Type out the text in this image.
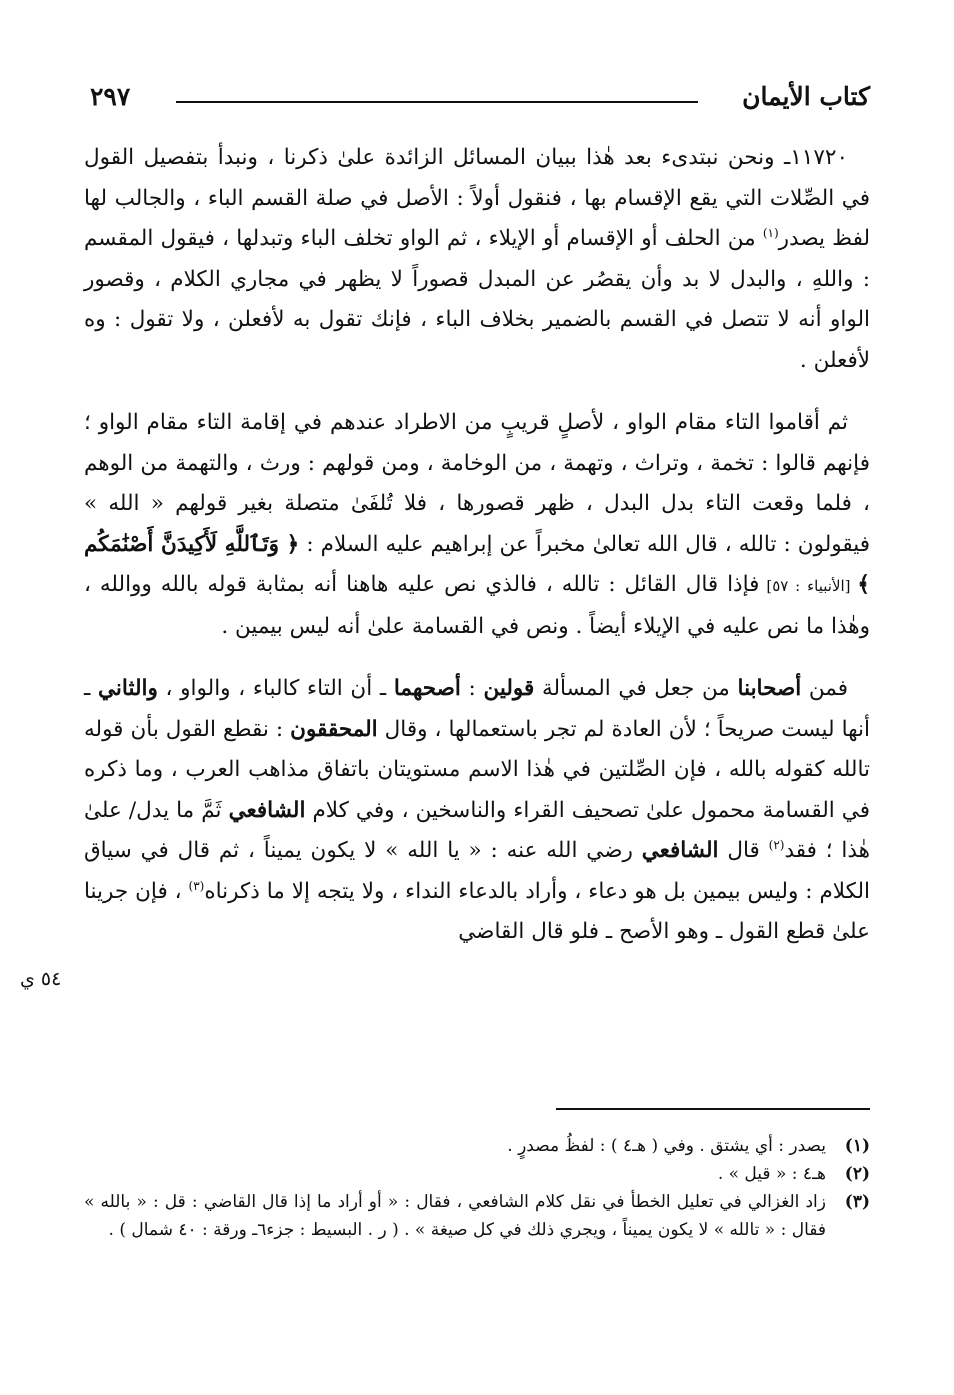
كتاب الأيمان
٢٩٧

١١٧٢٠ـ ونحن نبتدىء بعد هٰذا ببيان المسائل الزائدة علىٰ ذكرنا ، ونبدأ بتفصيل القول في الصِّلات التي يقع الإقسام بها ، فنقول أولاً : الأصل في صلة القسم الباء ، والجالب لها لفظ يصدر$^{(١)}$ من الحلف أو الإقسام أو الإيلاء ، ثم الواو تخلف الباء وتبدلها ، فيقول المقسم : واللهِ ، والبدل لا بد وأن يقصُر عن المبدل قصوراً لا يظهر في مجاري الكلام ، وقصور الواو أنه لا تتصل في القسم بالضمير بخلاف الباء ، فإنك تقول به لأفعلن ، ولا تقول : وه لأفعلن .

ثم أقاموا التاء مقام الواو ، لأصلٍ قريبٍ من الاطراد عندهم في إقامة التاء مقام الواو ؛ فإنهم قالوا : تخمة ، وتراث ، وتهمة ، من الوخامة ، ومن قولهم : ورث ، والتهمة من الوهم ، فلما وقعت التاء بدل البدل ، ظهر قصورها ، فلا تُلفَىٰ متصلة بغير قولهم « الله » فيقولون : تالله ، قال الله تعالىٰ مخبراً عن إبراهيم عليه السلام : ﴿ وَتَٱللَّهِ لَأَكِيدَنَّ أَصْنَٰمَكُم ﴾ [الأنبياء : ٥٧] فإذا قال القائل : تالله ، فالذي نص عليه هاهنا أنه بمثابة قوله بالله ووالله ، وهٰذا ما نص عليه في الإيلاء أيضاً . ونص في القسامة علىٰ أنه ليس بيمين .

فمن أصحابنا من جعل في المسألة قولين : أصحهما ـ أن التاء كالباء ، والواو ، والثاني ـ أنها ليست صريحاً ؛ لأن العادة لم تجر باستعمالها ، وقال المحققون : نقطع القول بأن قوله تالله كقوله بالله ، فإن الصِّلتين في هٰذا الاسم مستويتان باتفاق مذاهب العرب ، وما ذكره في القسامة محمول علىٰ تصحيف القراء والناسخين ، وفي كلام الشافعي ثَمَّ ما يدل/ علىٰ هٰذا ؛ فقد$^{(٢)}$ قال الشافعي رضي الله عنه : « يا الله » لا يكون يميناً ، ثم قال في سياق الكلام : وليس بيمين بل هو دعاء ، وأراد بالدعاء النداء ، ولا يتجه إلا ما ذكرناه$^{(٣)}$ ، فإن جرينا علىٰ قطع القول ـ وهو الأصح ـ فلو قال القاضي

٥٤ ي
(١)
يصدر : أي يشتق . وفي ( هـ٤ ) : لفظُ مصدرٍ .
(٢)
هـ٤ : « قيل » .
(٣)
زاد الغزالي في تعليل الخطأ في نقل كلام الشافعي ، فقال : « أو أراد ما إذا قال القاضي : قل : « بالله » فقال : « تالله » لا يكون يميناً ، ويجري ذلك في كل صيغة » . ( ر . البسيط : جزء٦ـ ورقة : ٤٠ شمال ) .
